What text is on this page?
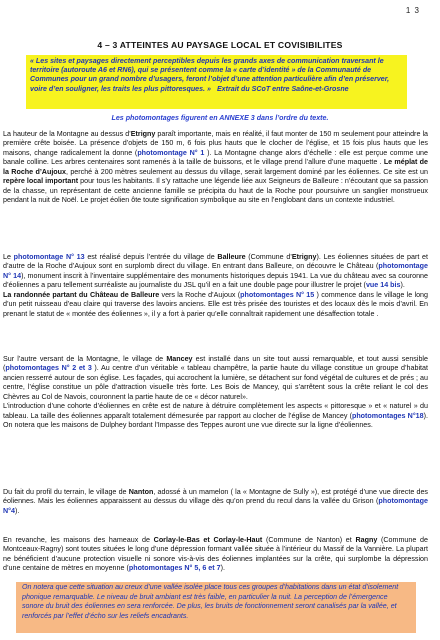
1 3
4 – 3 ATTEINTES AU PAYSAGE LOCAL ET COVISIBILITES

« Les sites et paysages directement perceptibles depuis les grands axes de communication traversant le territoire (autoroute A6 et RN6), qui se présentent comme la « carte d’identité » de la Communauté de Communes pour un grand nombre d’usagers, feront l’objet d’une attention particulière afin d’en préserver, voire d’en souligner, les traits les plus pittoresques. » Extrait du SCoT entre Saône-et-Grosne

Les photomontages figurent en ANNEXE 3 dans l’ordre du texte.

La hauteur de la Montagne au dessus d’Etrigny paraît importante, mais en réalité, il faut monter de 150 m seulement pour atteindre la première crête boisée. La présence d’objets de 150 m, 6 fois plus hauts que le clocher de l’église, et 15 fois plus hauts que les maisons, change radicalement la donne (photomontage N° 1 ). La Montagne change alors d’échelle : elle est perçue comme une banale colline. Les arbres centenaires sont ramenés à la taille de buissons, et le village prend l’allure d’une maquette . Le méplat de la Roche d’Aujoux, perché à 200 mètres seulement au dessus du village, serait largement dominé par les éoliennes. Ce site est un repère local important pour tous les habitants. Il s’y rattache une légende liée aux Seigneurs de Balleure : n’écoutant que sa passion de la chasse, un représentant de cette ancienne famille se précipita du haut de la Roche pour poursuivre un sanglier monstrueux pendant la nuit de Noël. Le projet éolien ôte toute signification symbolique au site en l’englobant dans un contexte industriel.

Le photomontage N° 13 est réalisé depuis l’entrée du village de Balleure (Commune d’Etrigny). Les éoliennes situées de part et d’autre de la Roche d’Aujoux sont en surplomb direct du village. En entrant dans Balleure, on découvre le Château (photomontage N° 14), monument inscrit à l’inventaire supplémentaire des monuments historiques depuis 1941. La vue du château avec sa couronne d’éoliennes a paru tellement surréaliste au journaliste du JSL qu’il en a fait une double page pour illustrer le projet (vue 14 bis).
La randonnée partant du Château de Balleure vers la Roche d’Aujoux (photomontages N° 15 ) commence dans le village le long d’un petit ruisseau d’eau claire qui traverse des lavoirs anciens. Elle est très prisée des touristes et des locaux dès le mois d’avril. En prenant le statut de « montée des éoliennes », il y a fort à parier qu’elle connaîtrait rapidement une désaffection totale .

Sur l’autre versant de la Montagne, le village de Mancey est installé dans un site tout aussi remarquable, et tout aussi sensible (photomontages N° 2 et 3 ). Au centre d’un véritable « tableau champêtre, la partie haute du village constitue un groupe d’habitat ancien resserré autour de son église. Les façades, qui accrochent la lumière, se détachent sur fond végétal de cultures et de prés ; au centre, l’église constitue un pôle d’attraction visuelle très forte. Les Bois de Mancey, qui s’arrêtent sous la crête reliant le col des Chèvres au Col de Navois, couronnent la partie haute de ce « décor naturel».
L’introduction d’une cohorte d’éoliennes en crête est de nature à détruire complètement les aspects « pittoresque » et « naturel » du tableau. La taille des éoliennes apparaît totalement démesurée par rapport au clocher de l’église de Mancey (photomontages N°18). On notera que les maisons de Dulphey bordant l’Impasse des Teppes auront une vue directe sur la ligne d’éoliennes.

Du fait du profil du terrain, le village de Nanton, adossé à un mamelon ( la « Montagne de Sully »), est protégé d’une vue directe des éoliennes. Mais les éoliennes apparaissent au dessus du village dès qu’on prend du recul dans la vallée du Grison (photomontage N°4).

En revanche, les maisons des hameaux de Corlay-le-Bas et Corlay-le-Haut (Commune de Nanton) et Ragny (Commune de Montceaux-Ragny) sont toutes situées le long d’une dépression formant vallée située à l’intérieur du Massif de la Vannière. La plupart ne bénéficient d’aucune protection visuelle ni sonore vis-à-vis des éoliennes implantées sur la crête, qui surplombe la dépression d’une centaine de mètres en moyenne (photomontages N° 5, 6 et 7).

On notera que cette situation au creux d’une vallée isolée place tous ces groupes d’habitations dans un état d’isolement phonique remarquable. Le niveau de bruit ambiant est très faible, en particulier la nuit. La perception de l’émergence sonore du bruit des éoliennes en sera renforcée. De plus, les bruits de fonctionnement seront canalisés par la vallée, et renforcés par l’effet d’écho sur les reliefs encadrants.
